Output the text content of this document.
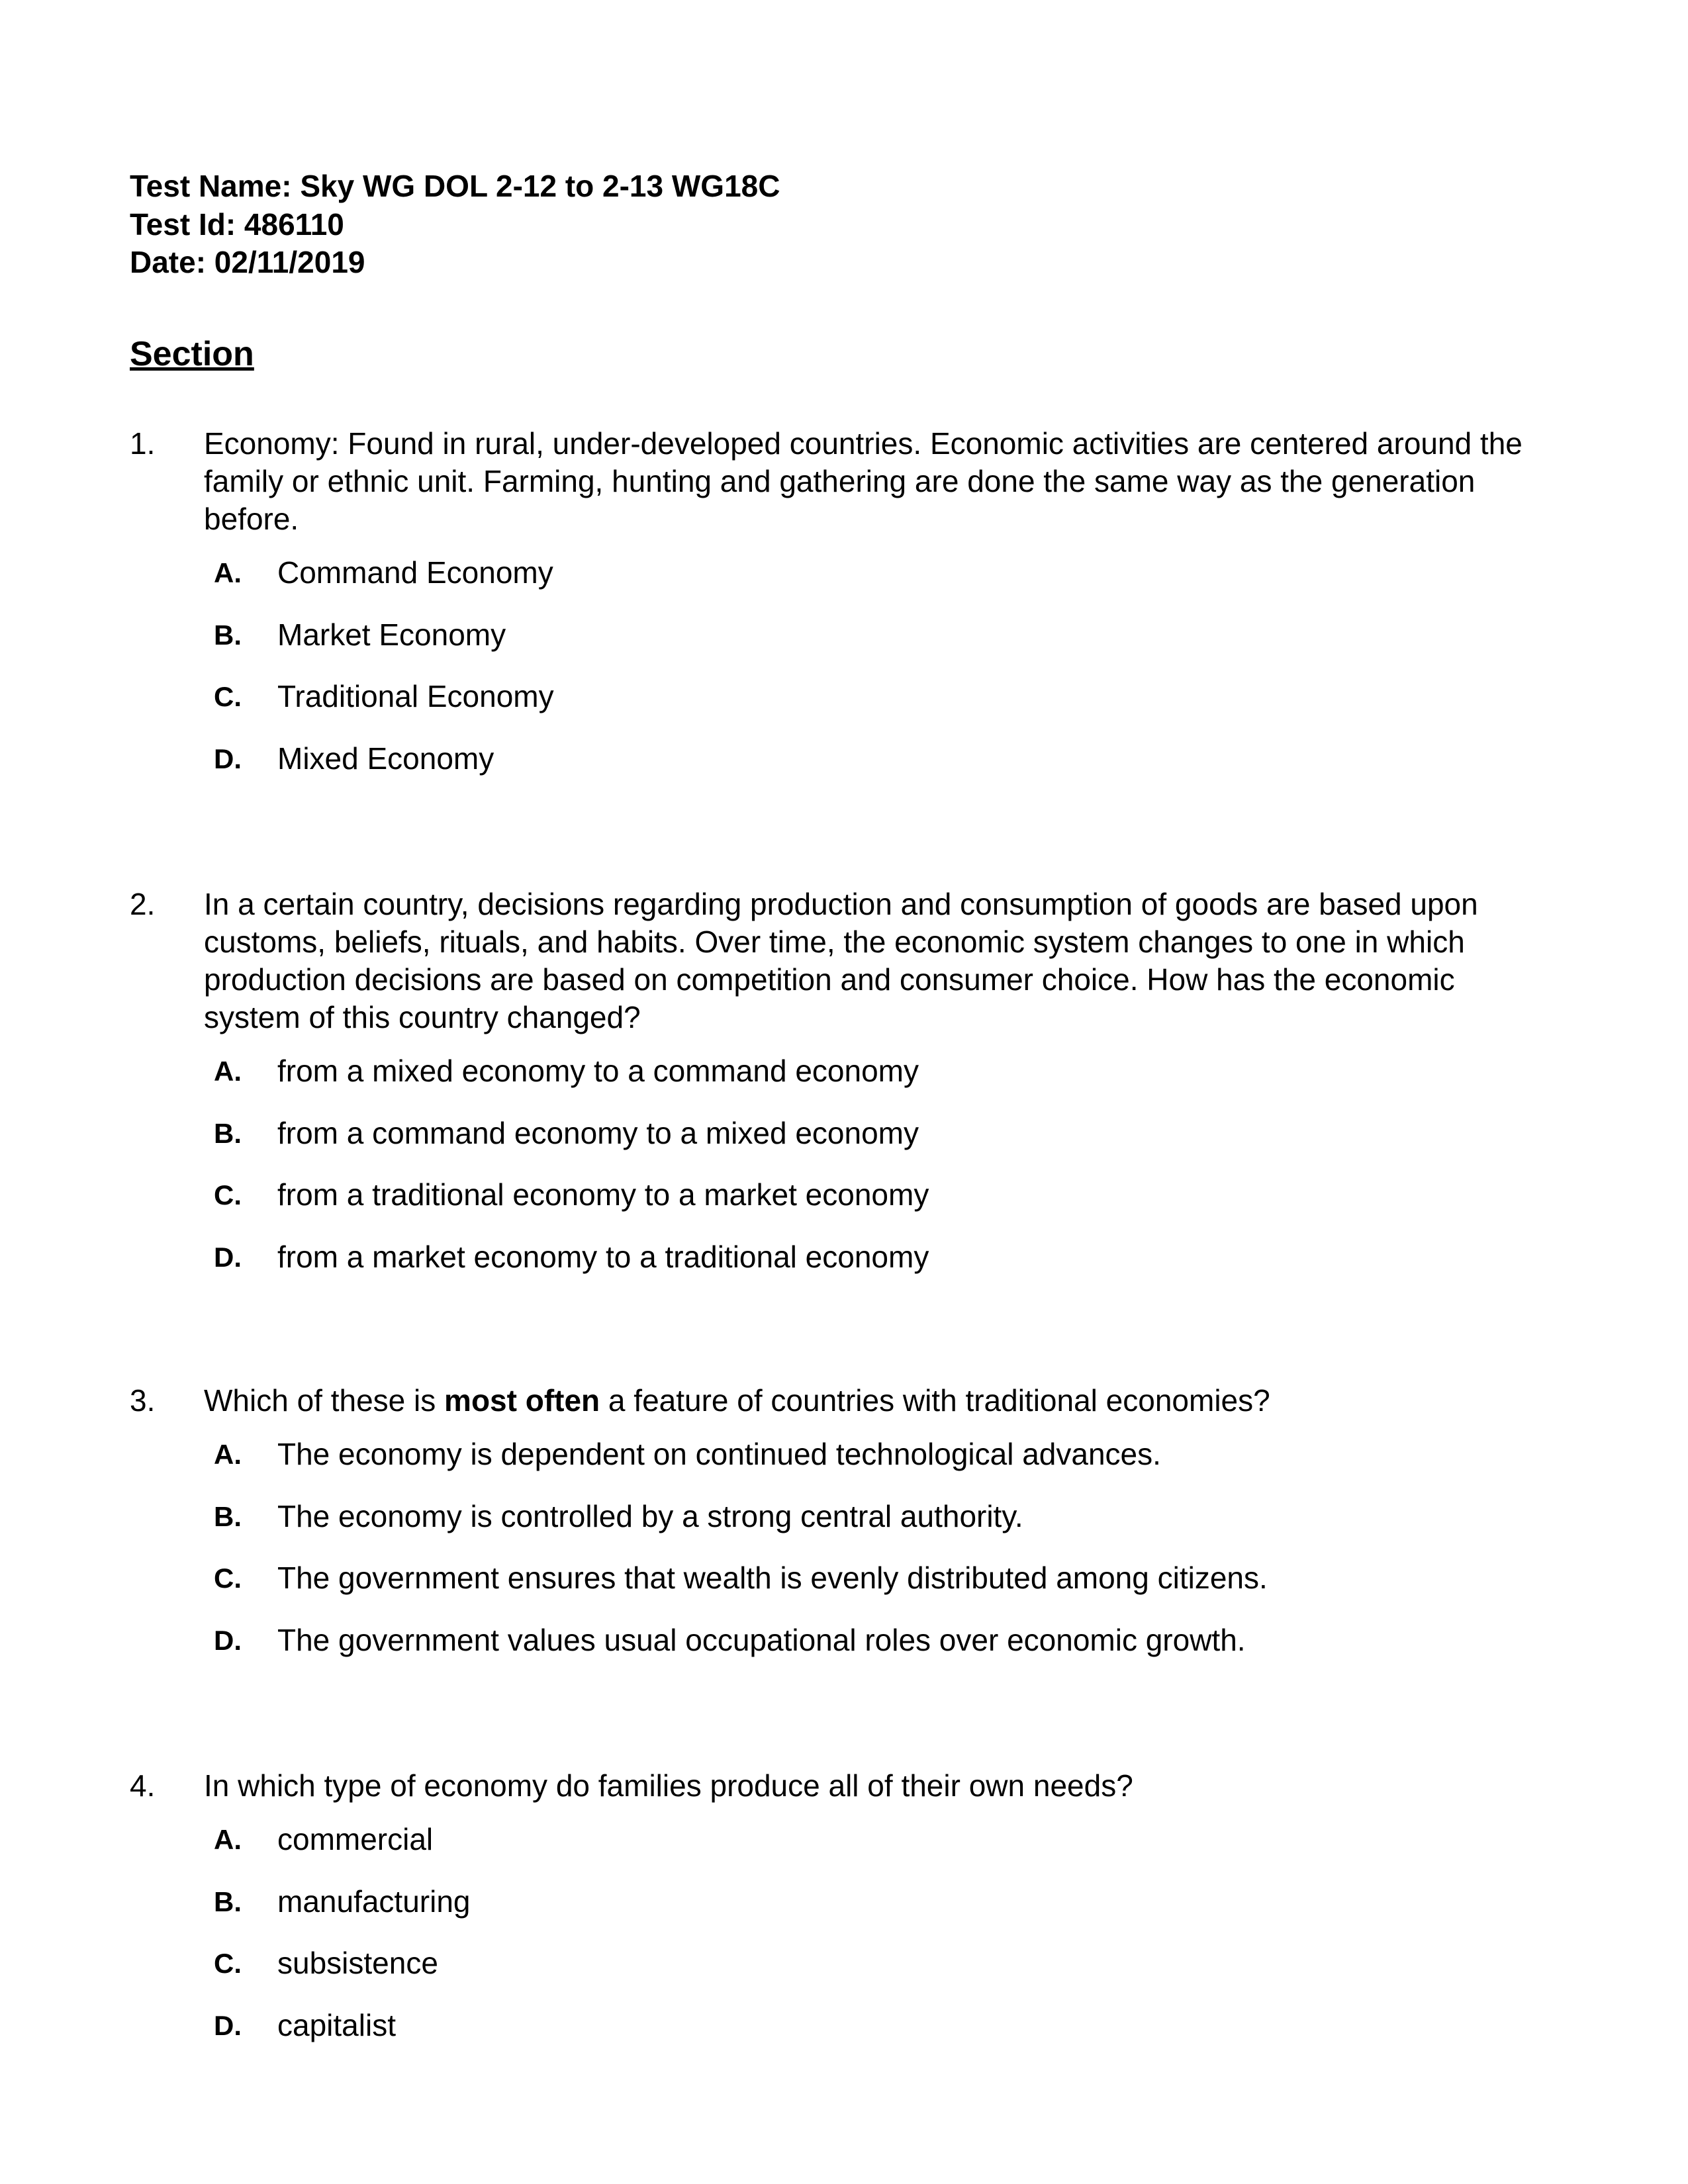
Test Name: Sky WG DOL 2-12 to 2-13 WG18C
Test Id: 486110
Date: 02/11/2019
Section
1. Economy: Found in rural, under-developed countries. Economic activities are centered around the family or ethnic unit. Farming, hunting and gathering are done the same way as the generation before.
A.	Command Economy
B.	Market Economy
C.	Traditional Economy
D.	Mixed Economy
2. In a certain country, decisions regarding production and consumption of goods are based upon customs, beliefs, rituals, and habits. Over time, the economic system changes to one in which production decisions are based on competition and consumer choice. How has the economic system of this country changed?
A.	from a mixed economy to a command economy
B.	from a command economy to a mixed economy
C.	from a traditional economy to a market economy
D.	from a market economy to a traditional economy
3. Which of these is most often a feature of countries with traditional economies?
A.	The economy is dependent on continued technological advances.
B.	The economy is controlled by a strong central authority.
C.	The government ensures that wealth is evenly distributed among citizens.
D.	The government values usual occupational roles over economic growth.
4. In which type of economy do families produce all of their own needs?
A.	commercial
B.	manufacturing
C.	subsistence
D.	capitalist
